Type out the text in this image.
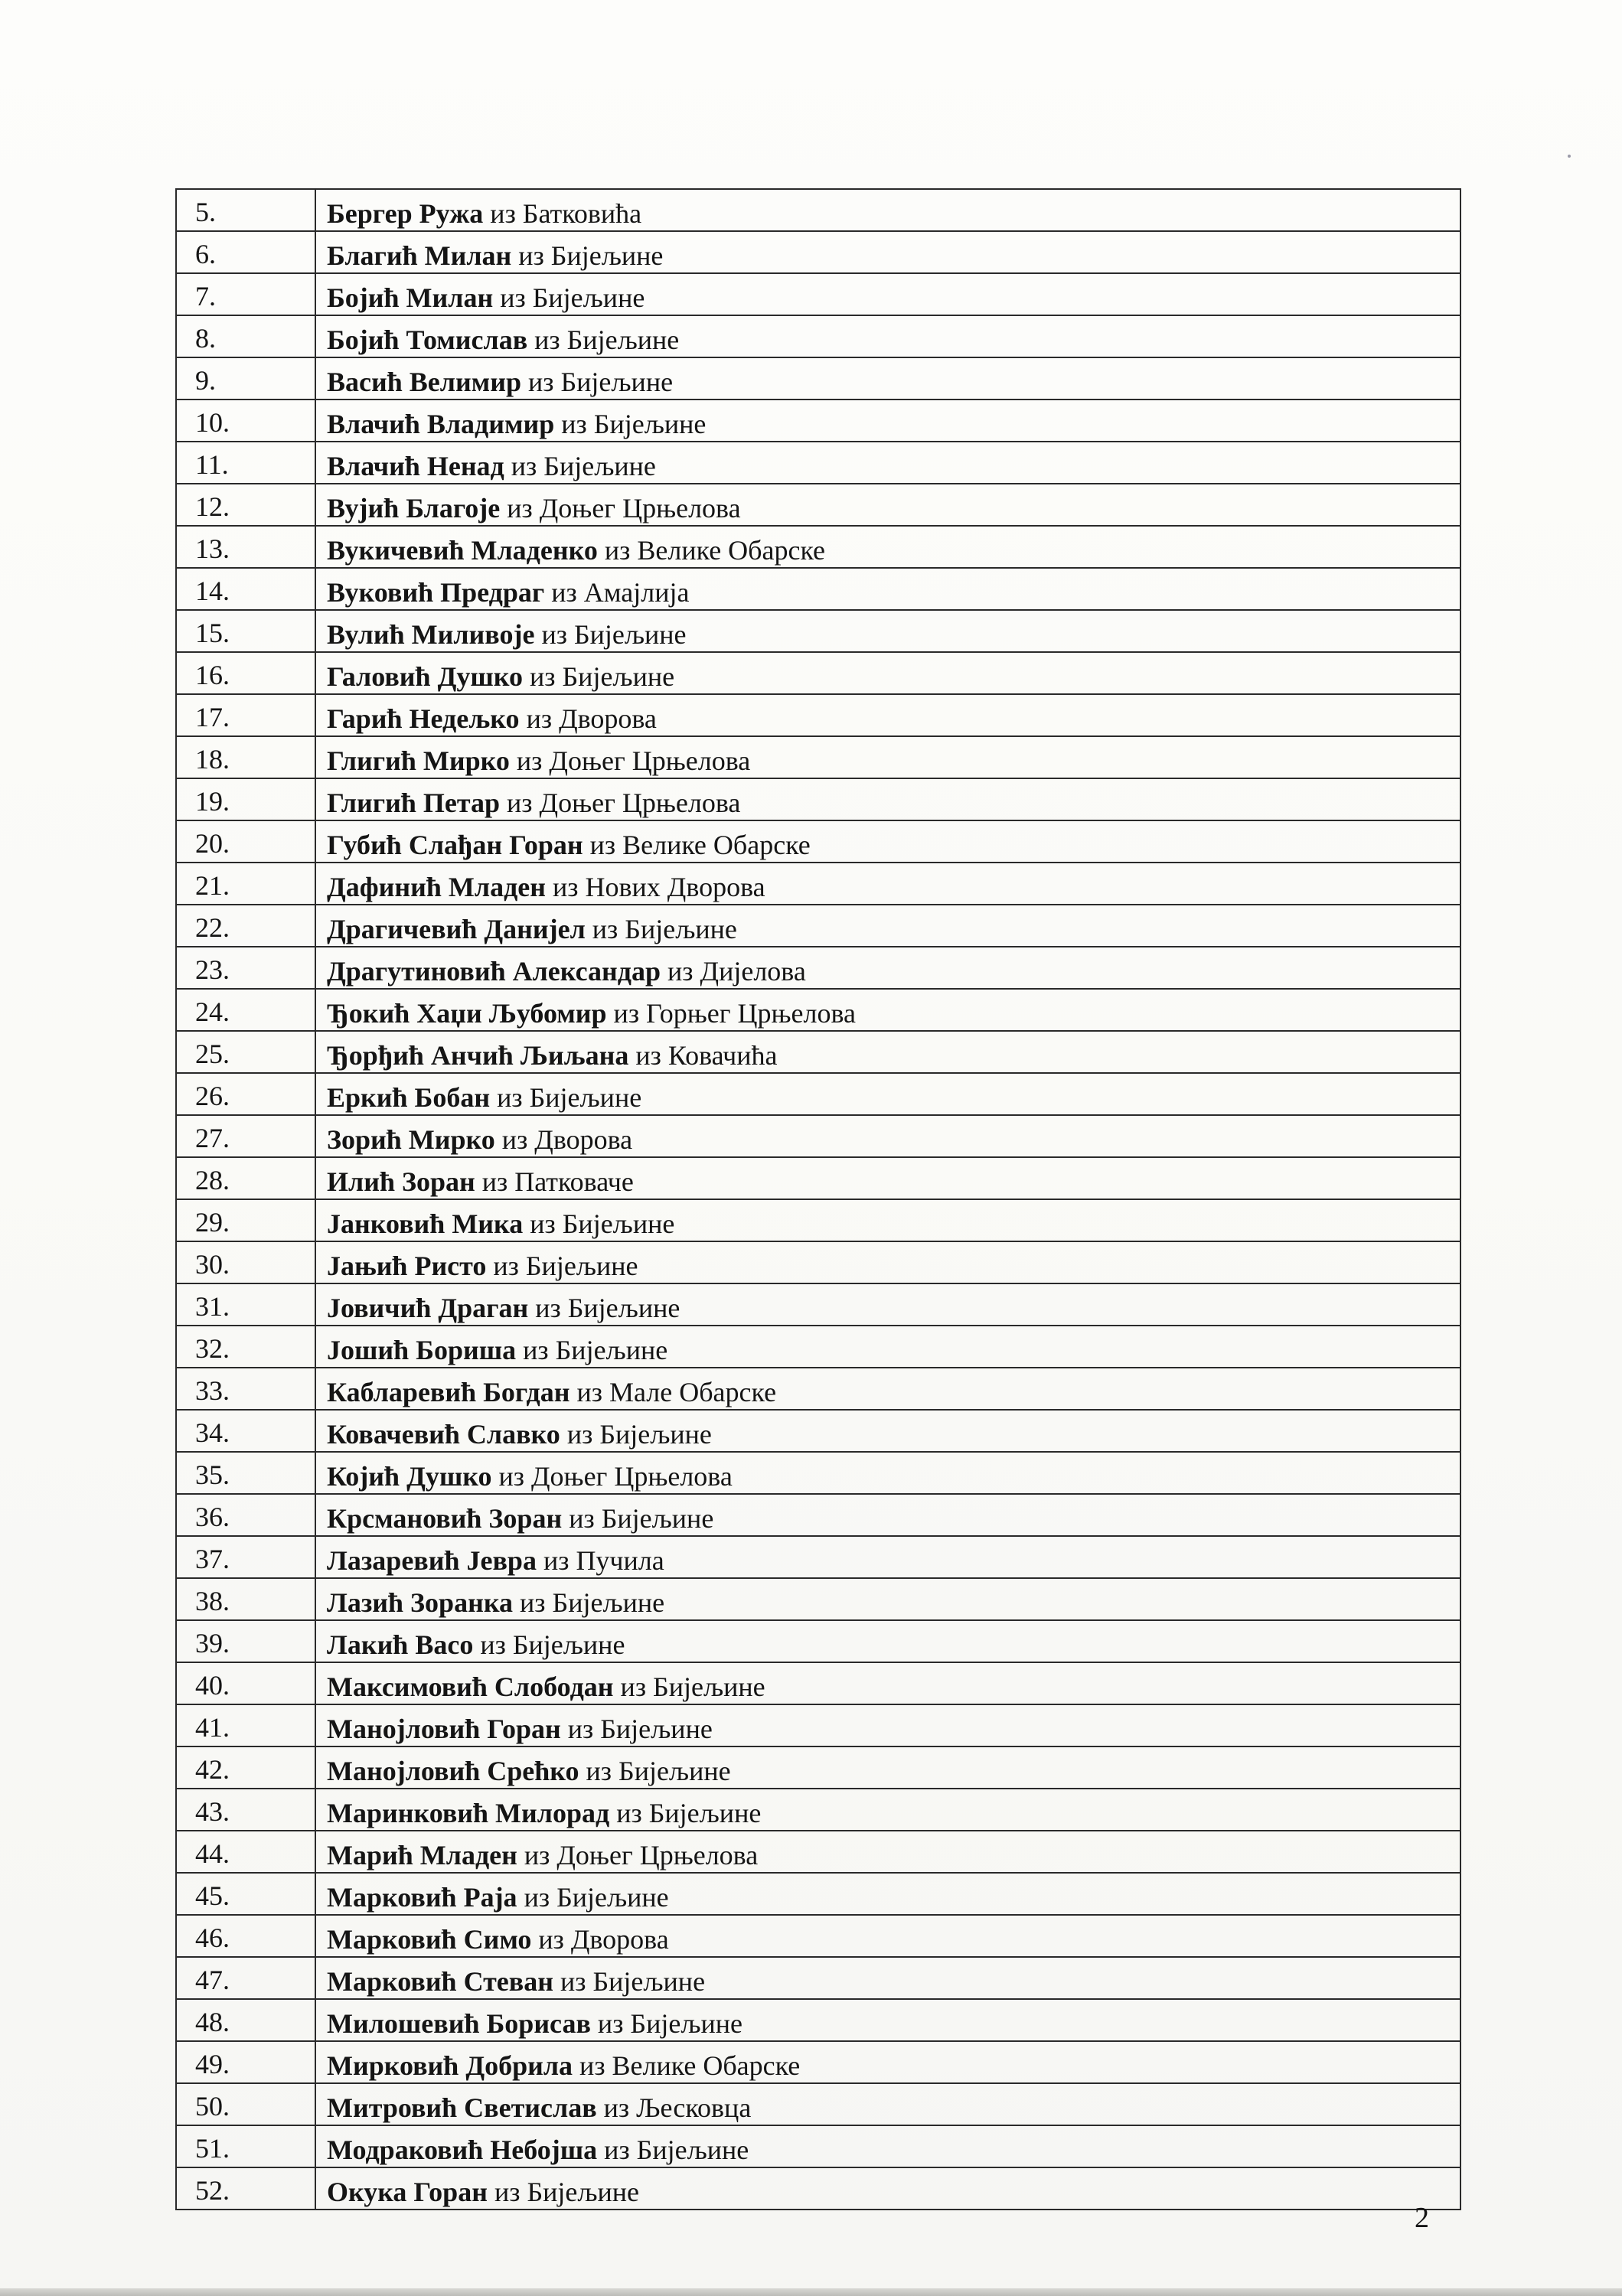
5.	Бергер Ружа из Батковића
6.	Благић Милан из Бијељине
7.	Бојић Милан из Бијељине
8.	Бојић Томислав из Бијељине
9.	Васић Велимир из Бијељине
10.	Влачић Владимир из Бијељине
11.	Влачић Ненад из Бијељине
12.	Вујић Благоје из Доњег Црњелова
13.	Вукичевић Младенко из Велике Обарске
14.	Вуковић Предраг из Амајлија
15.	Вулић Миливоје из Бијељине
16.	Галовић Душко из Бијељине
17.	Гарић Недељко из Дворова
18.	Глигић Мирко из Доњег Црњелова
19.	Глигић Петар из Доњег Црњелова
20.	Губић Слађан Горан из Велике Обарске
21.	Дафинић Младен из Нових Дворова
22.	Драгичевић Данијел из Бијељине
23.	Драгутиновић Александар из Дијелова
24.	Ђокић Хаџи Љубомир из Горњег Црњелова
25.	Ђорђић Анчић Љиљана из Ковачића
26.	Еркић Бобан из Бијељине
27.	Зорић Мирко из Дворова
28.	Илић Зоран из Патковаче
29.	Јанковић Мика из Бијељине
30.	Јањић Ристо из Бијељине
31.	Јовичић Драган из Бијељине
32.	Јошић Бориша из Бијељине
33.	Кабларевић Богдан из Мале Обарске
34.	Ковачевић Славко из Бијељине
35.	Којић Душко из Доњег Црњелова
36.	Крсмановић Зоран из Бијељине
37.	Лазаревић Јевра из Пучила
38.	Лазић Зоранка из Бијељине
39.	Лакић Васо из Бијељине
40.	Максимовић Слободан из Бијељине
41.	Манојловић Горан из Бијељине
42.	Манојловић Срећко из Бијељине
43.	Маринковић Милорад из Бијељине
44.	Марић Младен из Доњег Црњелова
45.	Марковић Раја из Бијељине
46.	Марковић Симо из Дворова
47.	Марковић Стеван из Бијељине
48.	Милошевић Борисав из Бијељине
49.	Мирковић Добрила из Велике Обарске
50.	Митровић Светислав из Љесковца
51.	Модраковић Небојша из Бијељине
52.	Окука Горан из Бијељине
2
